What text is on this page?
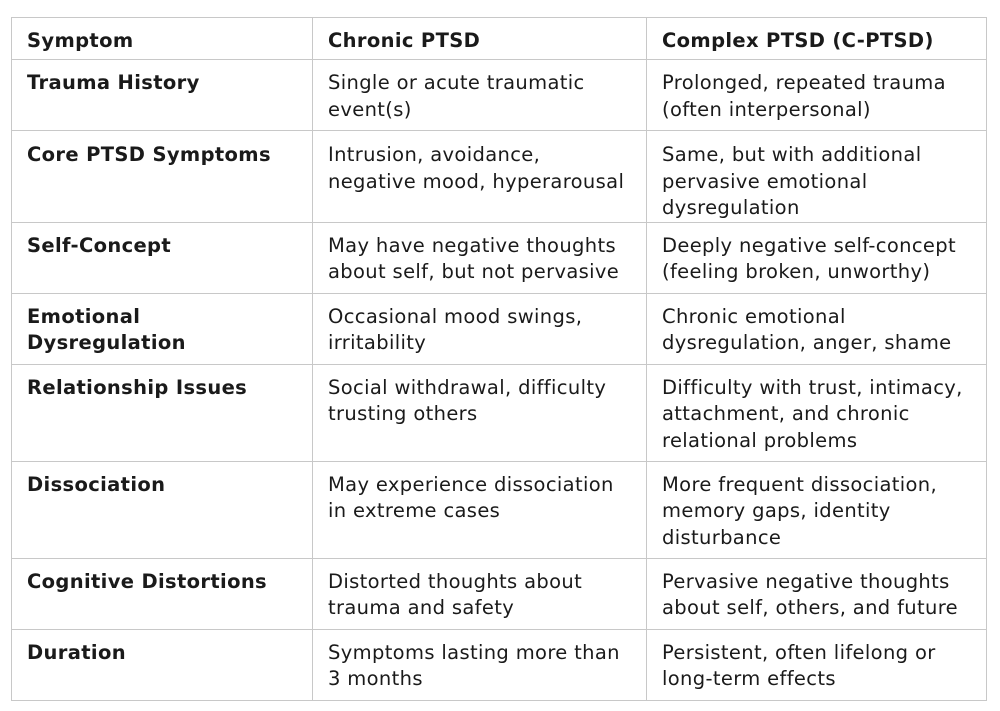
Symptom	Chronic PTSD	Complex PTSD (C-PTSD)
Trauma History	Single or acute traumatic event(s)	Prolonged, repeated trauma (often interpersonal)
Core PTSD Symptoms	Intrusion, avoidance, negative mood, hyperarousal	Same, but with additional pervasive emotional dysregulation
Self-Concept	May have negative thoughts about self, but not pervasive	Deeply negative self-concept (feeling broken, unworthy)
Emotional Dysregulation	Occasional mood swings, irritability	Chronic emotional dysregulation, anger, shame
Relationship Issues	Social withdrawal, difficulty trusting others	Difficulty with trust, intimacy, attachment, and chronic relational problems
Dissociation	May experience dissociation in extreme cases	More frequent dissociation, memory gaps, identity disturbance
Cognitive Distortions	Distorted thoughts about trauma and safety	Pervasive negative thoughts about self, others, and future
Duration	Symptoms lasting more than 3 months	Persistent, often lifelong or long-term effects
